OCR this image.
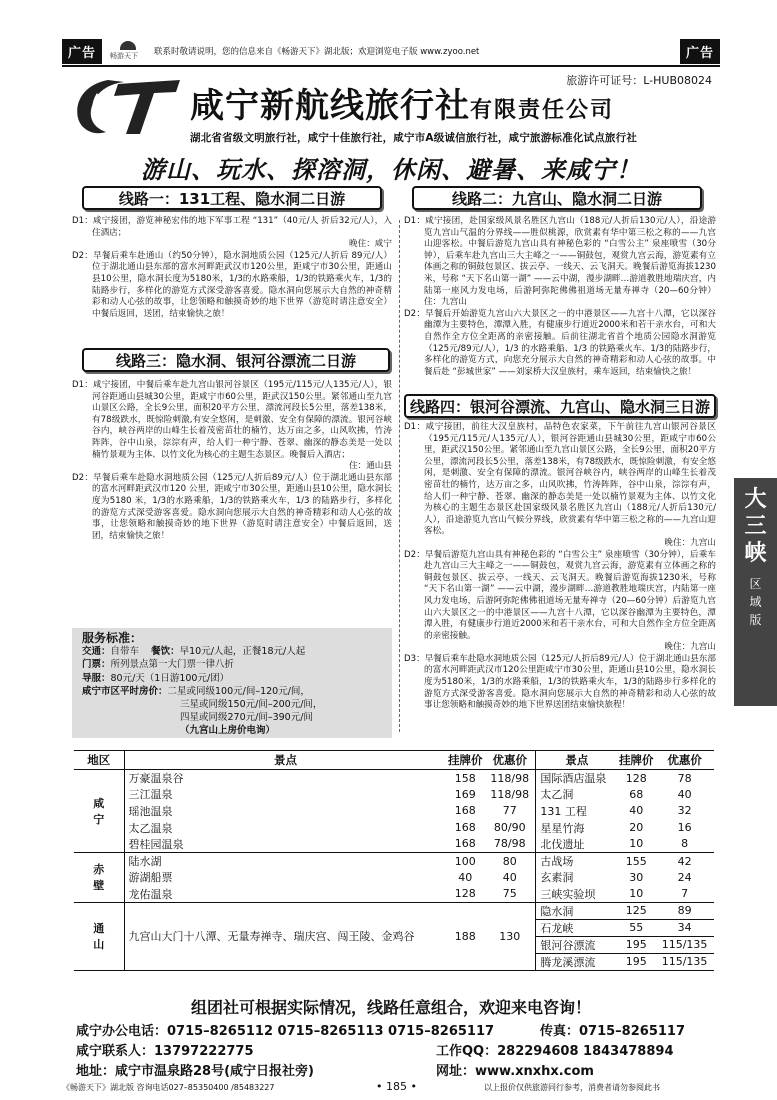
广告	畅游天下 联系时敬请说明，您的信息来自《畅游天下》湖北版；欢迎浏览电子版 www.zyoo.net	广告
旅游许可证号：L-HUB08024
咸宁新航线旅行社有限责任公司
湖北省省级文明旅行社，咸宁十佳旅行社，咸宁市A级诚信旅行社，咸宁旅游标准化试点旅行社
游山、玩水、探溶洞，休闲、避暑、来咸宁！
线路一：131工程、隐水洞二日游

D1：咸宁接团，游览神秘宏伟的地下军事工程 “131”（40元/人 折后32元/人），入住酒店；

晚住：咸宁

D2：早餐后乘车赴通山（约50分钟），隐水洞地质公园（125元/人折后 89元/人）位于湖北通山县东部的富水河畔距武汉市120公里，距咸宁市30公里，距通山县10公里，隐水洞长度为5180米，1/3的水路乘船，1/3的铁路乘火车，1/3的陆路步行，多样化的游览方式深受游客喜爱。隐水洞向您展示大自然的神奇精彩和动人心弦的故事，让您领略和触摸奇妙的地下世界（游览时请注意安全）中餐后返回，送团，结束愉快之旅！

线路二：九宫山、隐水洞二日游

D1：咸宁接团，赴国家级风景名胜区九宫山（188元/人折后130元/人），沿途游览九宫山气温的分界线——胜似桃源，欣赏素有华中第三松之称的——九宫山迎客松。中餐后游览九宫山具有神秘色彩的 “白雪公主” 泉座喷雪（30分钟），后乘车赴九宫山三大主峰之一——铜鼓包，观赏九宫云海，游览素有立体画之称的铜鼓包景区、拔云亭、一线天、云飞洞天。晚餐后游览海拔1230米，号称 “天下名山第一湖” ——云中湖，漫步湖畔…游道教胜地瑞庆宫，内陆第一座风力发电场，后游阿弥陀佛佛祖道场无量寿禅寺（20—60分钟）住：九宫山

D2：早餐后开始游览九宫山六大景区之一的中港景区——九宫十八潭，它以深谷幽潭为主要特色，潭潭入胜，有健康步行道近2000米和若干亲水台，可和大自然作全方位全距离的亲密接触。后前往湖北省首个地质公园隐水洞游览（125元/89元/人），1/3 的水路乘船、1/3 的铁路乘火车、1/3的陆路步行，多样化的游览方式，向您充分展示大自然的神奇精彩和动人心弦的故事。中餐后赴 “彭城世家” ——刘家桥大汉皇族村，乘车返回，结束愉快之旅！

线路三：隐水洞、银河谷漂流二日游

D1：咸宁接团，中餐后乘车赴九宫山银河谷景区（195元/115元/人135元/人），银河谷距通山县城30公里，距咸宁市60公里，距武汉150公里。紧邻通山至九宫山景区公路，全长9公里，面积20平方公里，漂流河段长5公里，落差138米，有78级跌水，既惊险刺激,有安全悠闲，是刺激、安全有保障的漂流。银河谷峡谷内，峡谷两岸的山峰生长着茂密苗壮的楠竹，达万亩之多，山风吹拂，竹涛阵阵，谷中山泉，淙淙有声，给人们一种宁静、苍翠、幽深的静态美是一处以楠竹景观为主体、以竹文化为核心的主题生态景区。晚餐后入酒店；

住：通山县

D2：早餐后乘车赴隐水洞地质公园（125元/人折后89元/人）位于湖北通山县东部的富水河畔距武汉市120 公里，距咸宁市30公里，距通山县10公里，隐水洞长度为5180 米，1/3的水路乘船，1/3的铁路乘火车，1/3 的陆路步行，多样化的游览方式深受游客喜爱。隐水洞向您展示大自然的神奇精彩和动人心弦的故事，让您领略和触摸奇妙的地下世界（游览时请注意安全）中餐后返回，送团，结束愉快之旅！

线路四：银河谷漂流、九宫山、隐水洞三日游

D1：咸宁接团，前往大汉皇族村，品特色农家菜，下午前往九宫山银河谷景区（195元/115元/人135元/人），银河谷距通山县城30公里，距咸宁市60公里，距武汉150公里。紧邻通山至九宫山景区公路，全长9公里，面积20平方公里，漂流河段长5公里，落差138米，有78级跌水，既惊险刺激，有安全悠闲，是刺激、安全有保障的漂流。银河谷峡谷内，峡谷两岸的山峰生长着茂密苗壮的楠竹，达万亩之多，山风吹拂，竹涛阵阵，谷中山泉，淙淙有声，给人们一种宁静、苍翠、幽深的静态美是一处以楠竹景观为主体、以竹文化为核心的主题生态景区赴国家级风景名胜区九宫山（188元/人折后130元/人），沿途游览九宫山气候分界线，欣赏素有华中第三松之称的——九宫山迎客松。

晚住：九宫山

D2：早餐后游览九宫山具有神秘色彩的 “白雪公主” 泉座喷雪（30分钟），后乘车赴九宫山三大主峰之一——铜鼓包，观赏九宫云海，游览素有立体画之称的铜鼓包景区、拔云亭、一线天、云飞洞天。晚餐后游览海拔1230米，号称 “天下名山第一湖” ——云中湖，漫步湖畔…游道教胜地瑞庆宫，内陆第一座风力发电场，后游阿弥陀佛佛祖道场无量寿禅寺（20—60分钟）后游览九宫山六大景区之一的中港景区——九宫十八潭，它以深谷幽潭为主要特色，潭潭入胜，有健康步行道近2000米和若干亲水台，可和大自然作全方位全距离的亲密接触。

晚住：九宫山

D3：早餐后乘车赴隐水洞地质公园（125元/人折后89元/人）位于湖北通山县东部的富水河畔距武汉市120公里距咸宁市30公里，距通山县10公里，隐水洞长度为5180米，1/3的水路乘船，1/3的铁路乘火车，1/3的陆路步行多样化的游览方式深受游客喜爱。隐水洞向您展示大自然的神奇精彩和动人心弦的故事让您领略和触摸奇妙的地下世界送团结束愉快旅程！

服务标准：
交通：自带车 餐饮：早10元/人起，正餐18元/人起
门票：所列景点第一大门票一律八折
导服：80元/天（1日游100元/团）
咸宁市区平时房价：二星或同级100元/间–120元/间，
三星或同级150元/间–200元/间，
四星或同级270元/间–390元/间
（九宫山上房价电询）
地区	景点	挂牌价	优惠价	景点	挂牌价	优惠价
咸
宁	万豪温泉谷	158	118/98	国际酒店温泉	128	78
	三江温泉	169	118/98	太乙洞	68	40
	瑶池温泉	168	77	131 工程	40	32
	太乙温泉	168	80/90	星星竹海	20	16
	碧桂园温泉	168	78/98	北伐遗址	10	8
赤
壁	陆水湖	100	80	古战场	155	42
	游湖船票	40	40	玄素洞	30	24
	龙佑温泉	128	75	三峡实验坝	10	7
通
山	九宫山大门十八潭、无量寿禅寺、瑞庆宫、闯王陵、金鸡谷	188	130	隐水洞	125	89
				石龙峡	55	34
				银河谷漂流	195	115/135
				腾龙溪漂流	195	115/135
组团社可根据实际情况，线路任意组合，欢迎来电咨询！
咸宁办公电话：0715–8265112 0715–8265113 0715–8265117	传真：0715–8265117
咸宁联系人：13797222775	工作QQ：282294608 1843478894
地址：咸宁市温泉路28号(咸宁日报社旁)	网址：www.xnxhx.com
大
三
峡
区
域
版
《畅游天下》湖北版 咨询电话027–85350400 /85483227	• 185 •	以上报价仅供旅游同行参考，消费者请勿参阅此书
